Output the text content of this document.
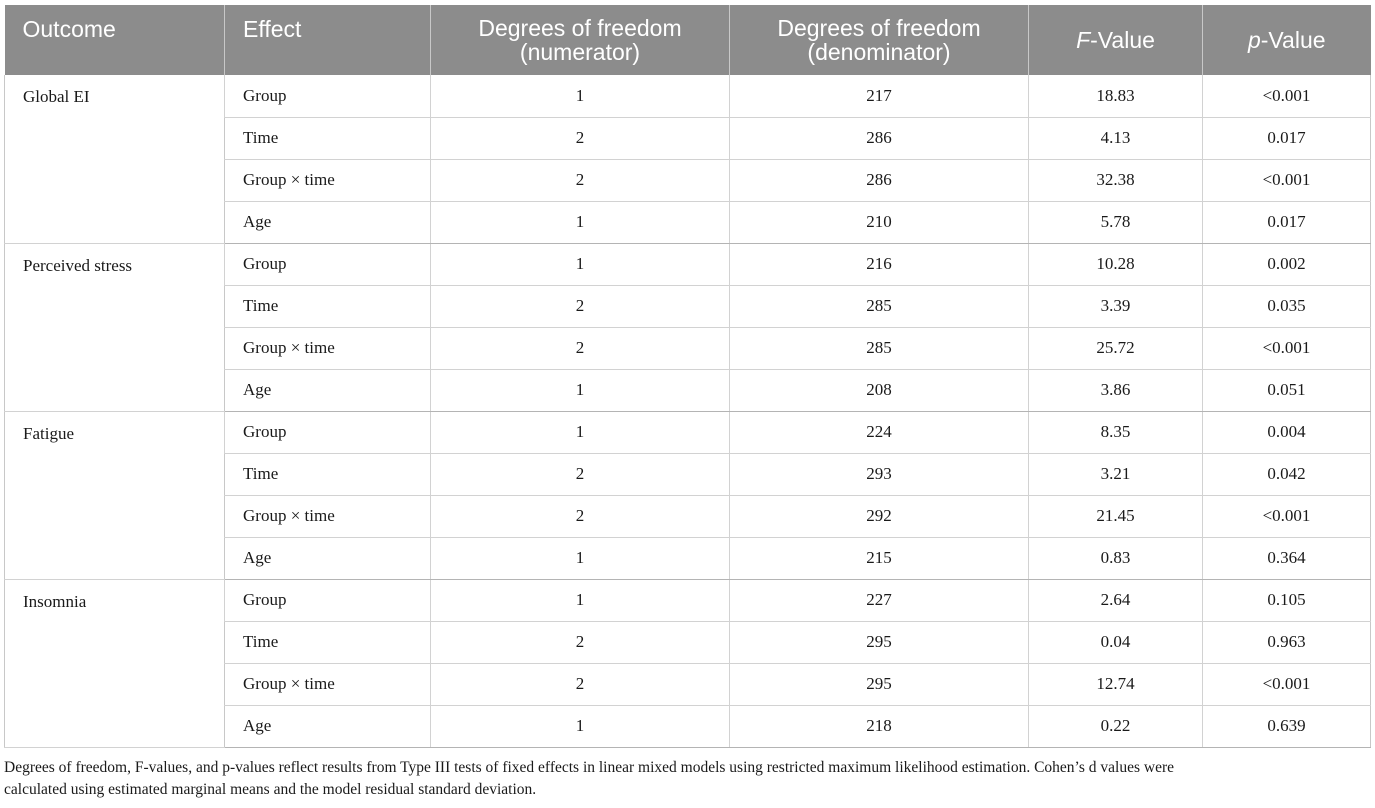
Outcome	Effect	Degrees of freedom (numerator)	Degrees of freedom (denominator)	F-Value	p-Value
Global EI	Group	1	217	18.83	<0.001
	Time	2	286	4.13	0.017
	Group × time	2	286	32.38	<0.001
	Age	1	210	5.78	0.017
Perceived stress	Group	1	216	10.28	0.002
	Time	2	285	3.39	0.035
	Group × time	2	285	25.72	<0.001
	Age	1	208	3.86	0.051
Fatigue	Group	1	224	8.35	0.004
	Time	2	293	3.21	0.042
	Group × time	2	292	21.45	<0.001
	Age	1	215	0.83	0.364
Insomnia	Group	1	227	2.64	0.105
	Time	2	295	0.04	0.963
	Group × time	2	295	12.74	<0.001
	Age	1	218	0.22	0.639
Degrees of freedom, F-values, and p-values reflect results from Type III tests of fixed effects in linear mixed models using restricted maximum likelihood estimation. Cohen’s d values were
calculated using estimated marginal means and the model residual standard deviation.
